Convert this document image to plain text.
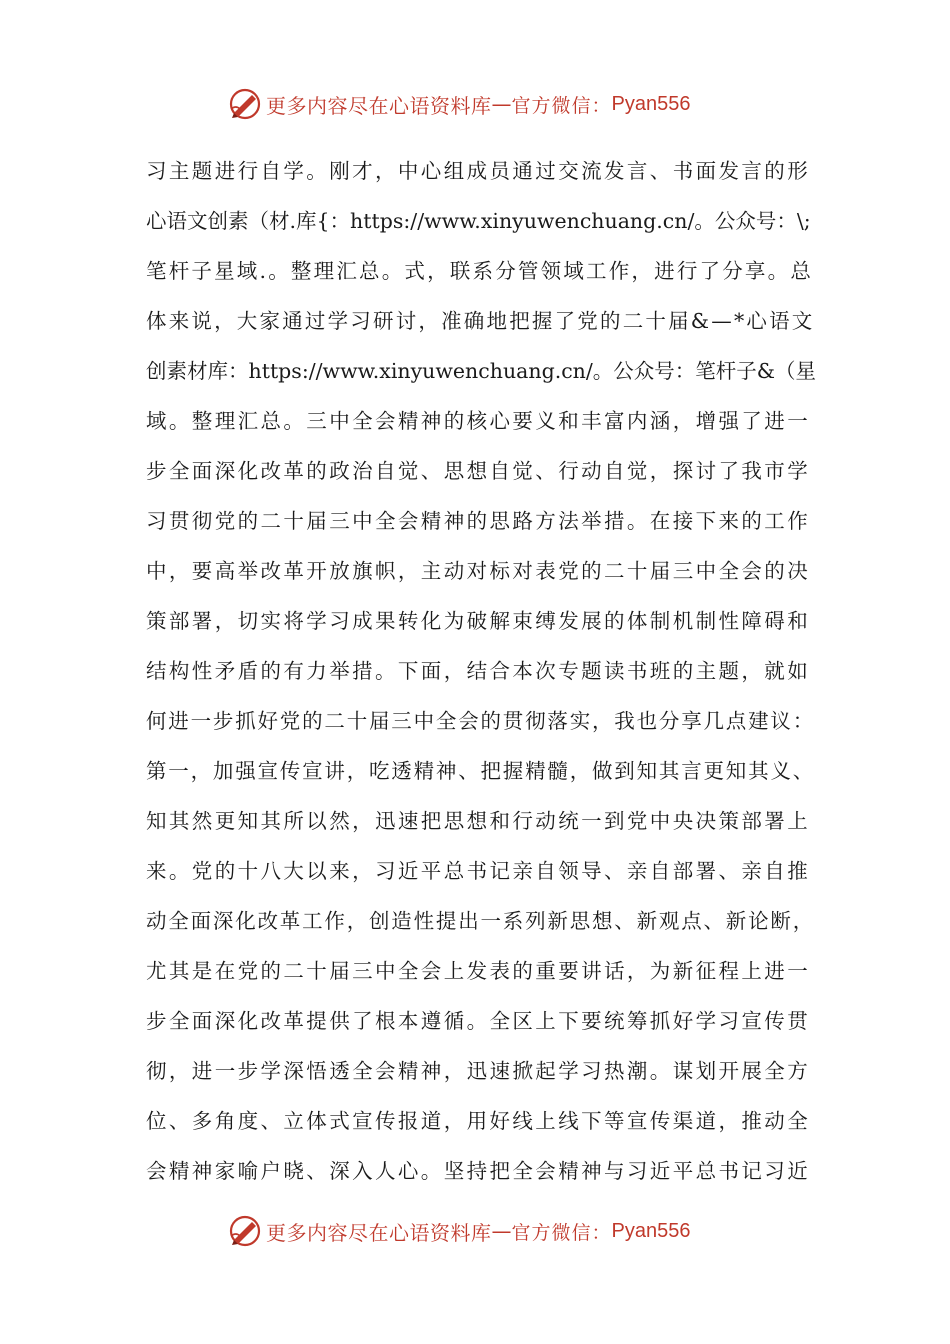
更多内容尽在心语资料库 — 官方微信： Pyan556
习主题进行自学。刚才，中心组成员通过交流发言、书面发言的形
心语文创素（材.库{：https://www.xinyuwenchuang.cn/。公众号：\;
笔杆子星域.。整理汇总。式，联系分管领域工作，进行了分享。总
体来说，大家通过学习研讨，准确地把握了党的二十届&—*心语文
创素材库：https://www.xinyuwenchuang.cn/。公众号：笔杆子&（星
域。整理汇总。三中全会精神的核心要义和丰富内涵，增强了进一
步全面深化改革的政治自觉、思想自觉、行动自觉，探讨了我市学
习贯彻党的二十届三中全会精神的思路方法举措。在接下来的工作
中，要高举改革开放旗帜，主动对标对表党的二十届三中全会的决
策部署，切实将学习成果转化为破解束缚发展的体制机制性障碍和
结构性矛盾的有力举措。下面，结合本次专题读书班的主题，就如
何进一步抓好党的二十届三中全会的贯彻落实，我也分享几点建议：
第一，加强宣传宣讲，吃透精神、把握精髓，做到知其言更知其义、
知其然更知其所以然，迅速把思想和行动统一到党中央决策部署上
来。党的十八大以来，习近平总书记亲自领导、亲自部署、亲自推
动全面深化改革工作，创造性提出一系列新思想、新观点、新论断，
尤其是在党的二十届三中全会上发表的重要讲话，为新征程上进一
步全面深化改革提供了根本遵循。全区上下要统筹抓好学习宣传贯
彻，进一步学深悟透全会精神，迅速掀起学习热潮。谋划开展全方
位、多角度、立体式宣传报道，用好线上线下等宣传渠道，推动全
会精神家喻户晓、深入人心。坚持把全会精神与习近平总书记习近
更多内容尽在心语资料库 — 官方微信： Pyan556
